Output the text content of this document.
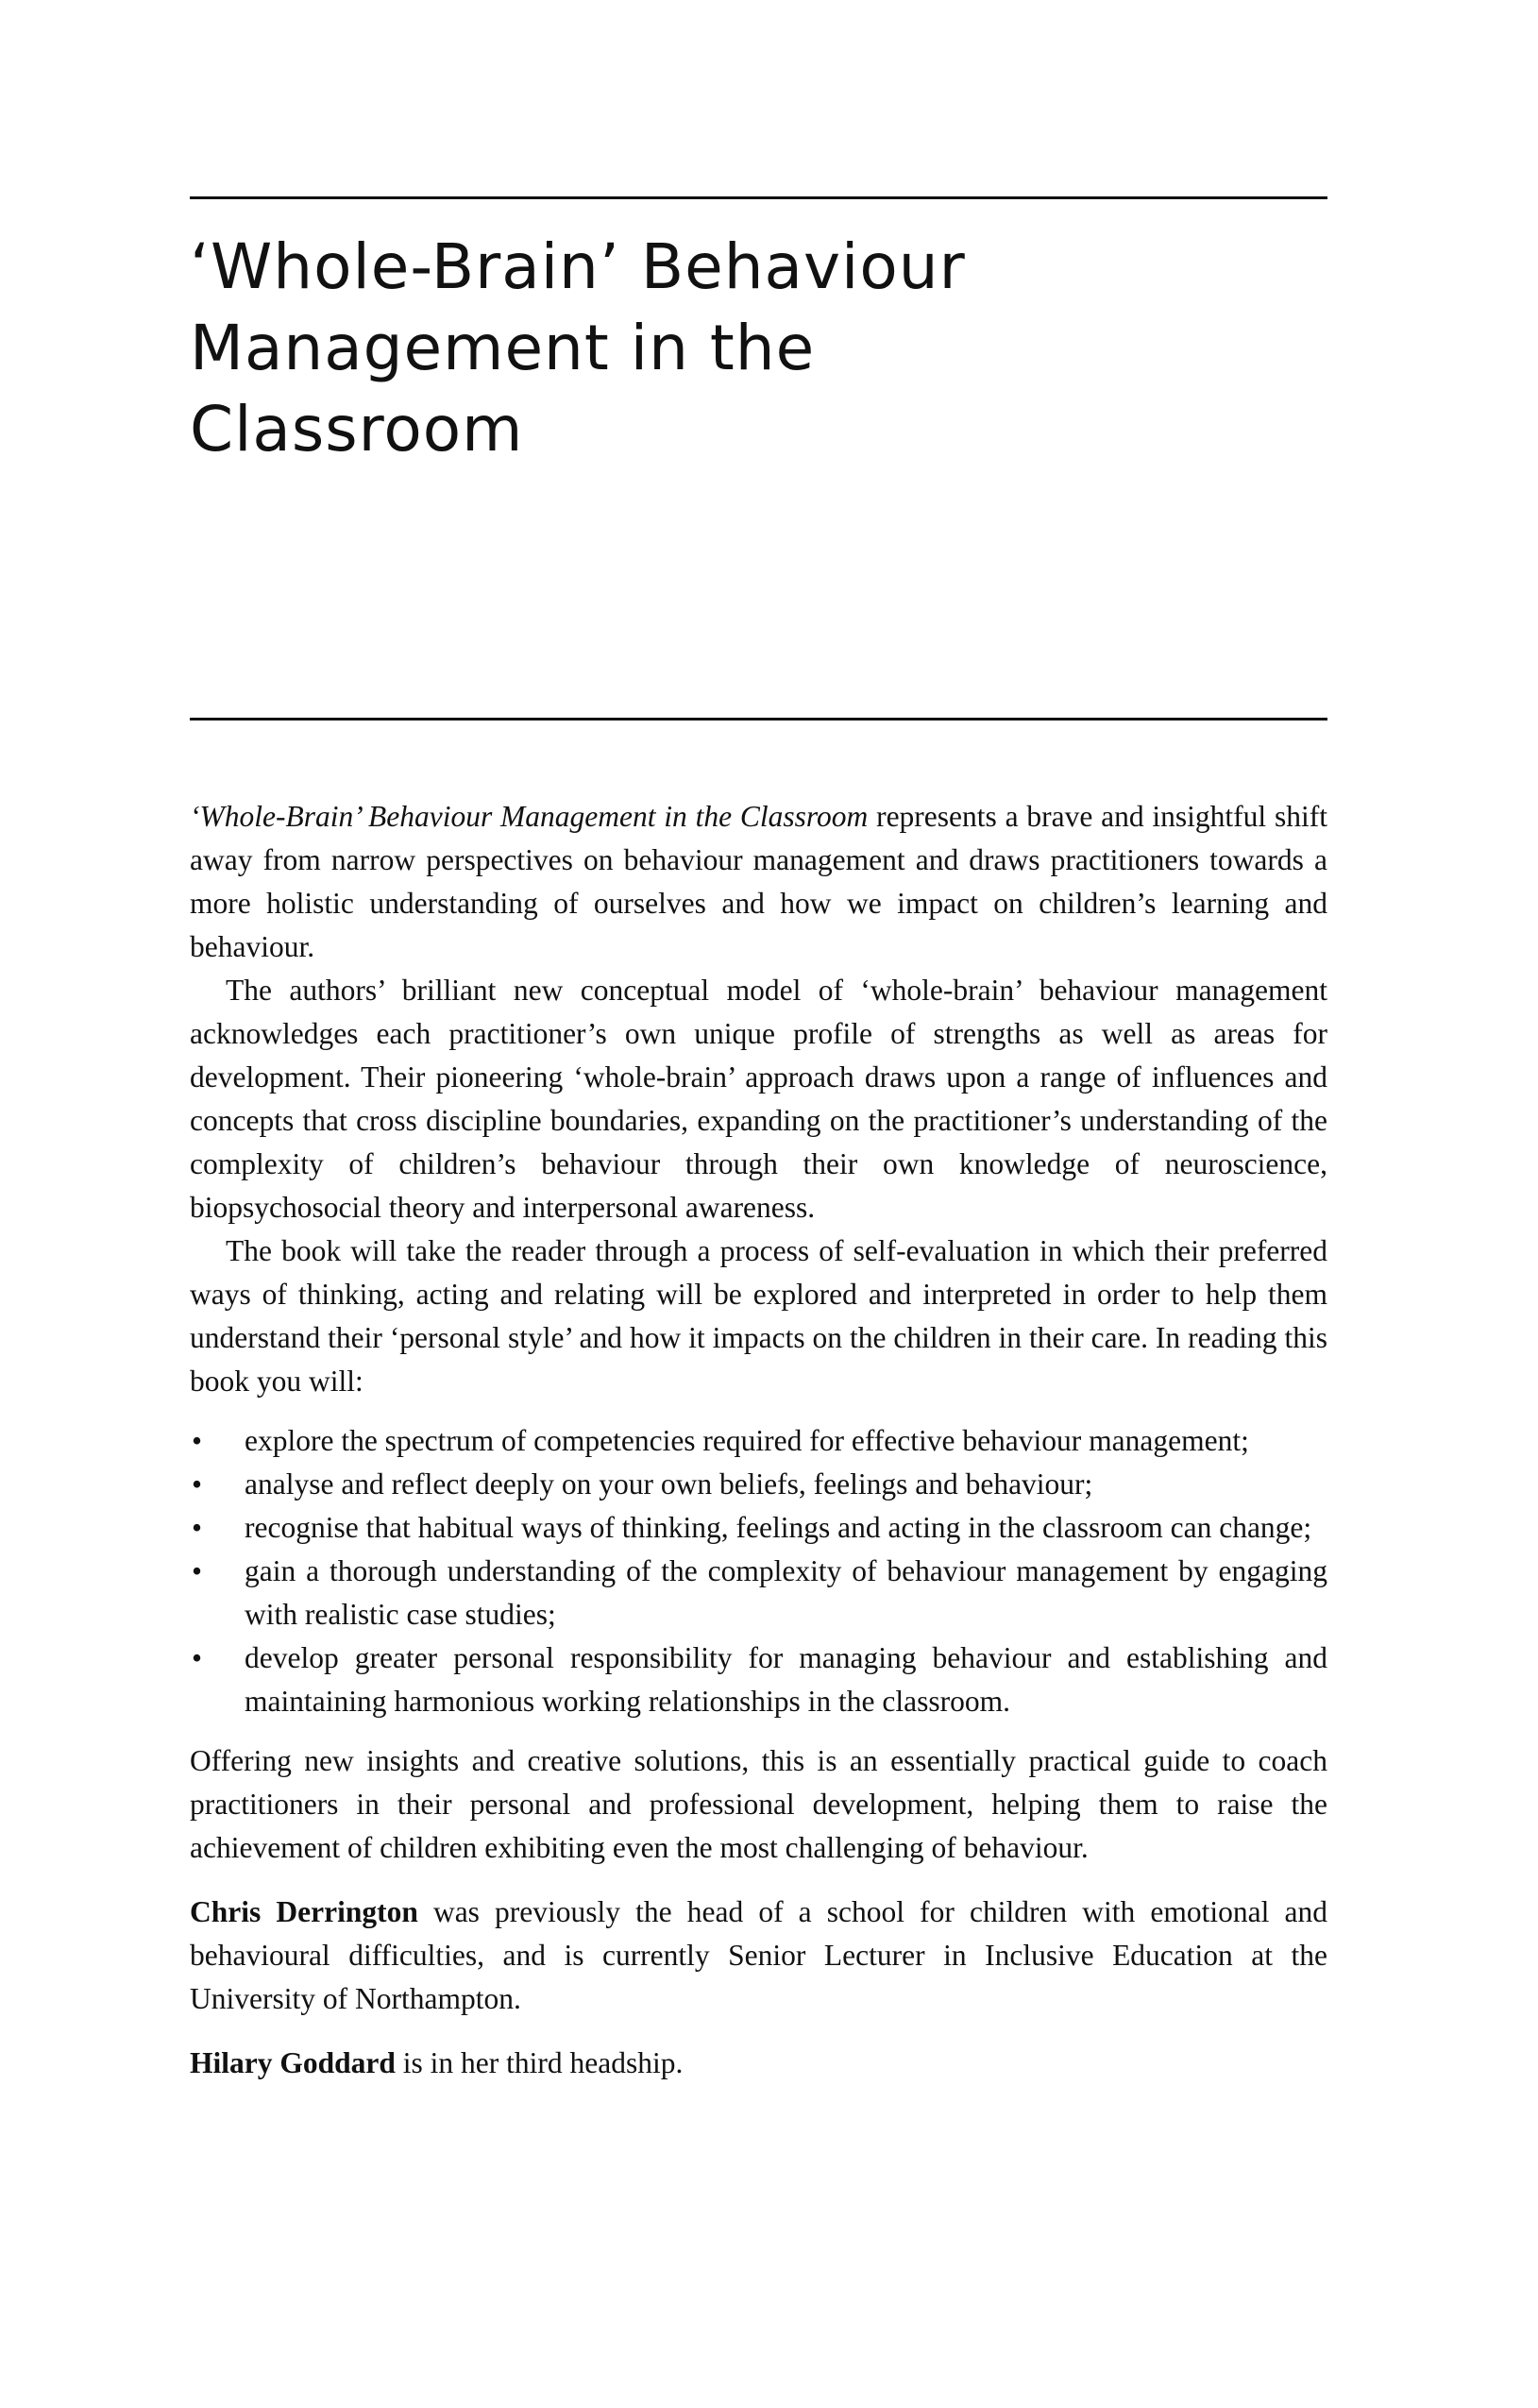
‘Whole-Brain’ Behaviour
Management in the
Classroom

‘Whole-Brain’ Behaviour Management in the Classroom represents a brave and insightful shift away from narrow perspectives on behaviour management and draws practitioners towards a more holistic understanding of ourselves and how we impact on children’s learning and behaviour.

The authors’ brilliant new conceptual model of ‘whole-brain’ behaviour management acknowledges each practitioner’s own unique profile of strengths as well as areas for development. Their pioneering ‘whole-brain’ approach draws upon a range of influences and concepts that cross discipline boundaries, expanding on the practitioner’s understanding of the complexity of children’s behaviour through their own knowledge of neuroscience, biopsychosocial theory and interpersonal awareness.

The book will take the reader through a process of self-evaluation in which their preferred ways of thinking, acting and relating will be explored and interpreted in order to help them understand their ‘personal style’ and how it impacts on the children in their care. In reading this book you will:

• explore the spectrum of competencies required for effective behaviour management;
• analyse and reflect deeply on your own beliefs, feelings and behaviour;
• recognise that habitual ways of thinking, feelings and acting in the classroom can change;
• gain a thorough understanding of the complexity of behaviour management by engaging with realistic case studies;
• develop greater personal responsibility for managing behaviour and establishing and maintaining harmonious working relationships in the classroom.

Offering new insights and creative solutions, this is an essentially practical guide to coach practitioners in their personal and professional development, helping them to raise the achievement of children exhibiting even the most challenging of behaviour.

Chris Derrington was previously the head of a school for children with emotional and behavioural difficulties, and is currently Senior Lecturer in Inclusive Education at the University of Northampton.

Hilary Goddard is in her third headship.
